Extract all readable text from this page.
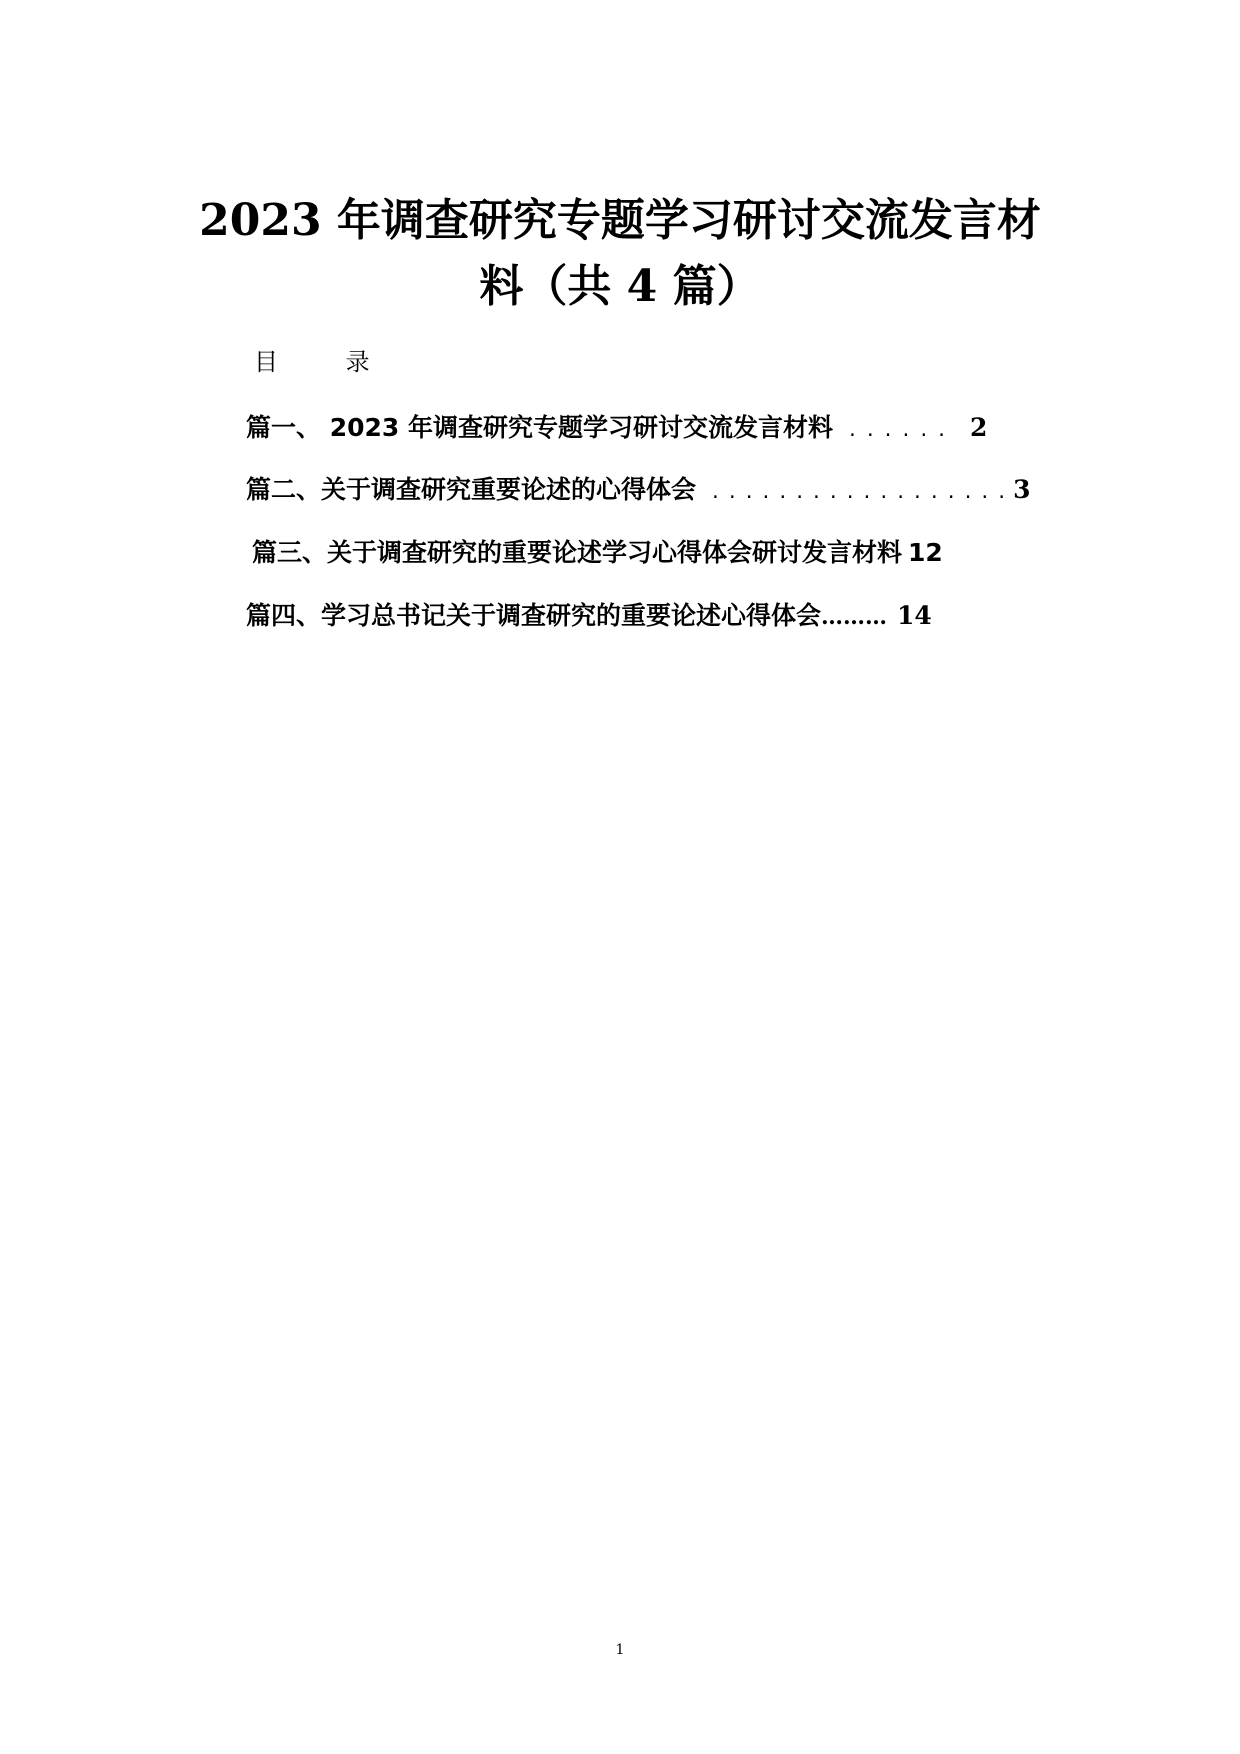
2023 年调查研究专题学习研讨交流发言材
料（共 4 篇）
目 录
篇一、 2023 年调查研究专题学习研讨交流发言材料 ...... 2
篇二、关于调查研究重要论述的心得体会 .................. 3
篇三、关于调查研究的重要论述学习心得体会研讨发言材料 12
篇四、学习总书记关于调查研究的重要论述心得体会 ……… 14
1
